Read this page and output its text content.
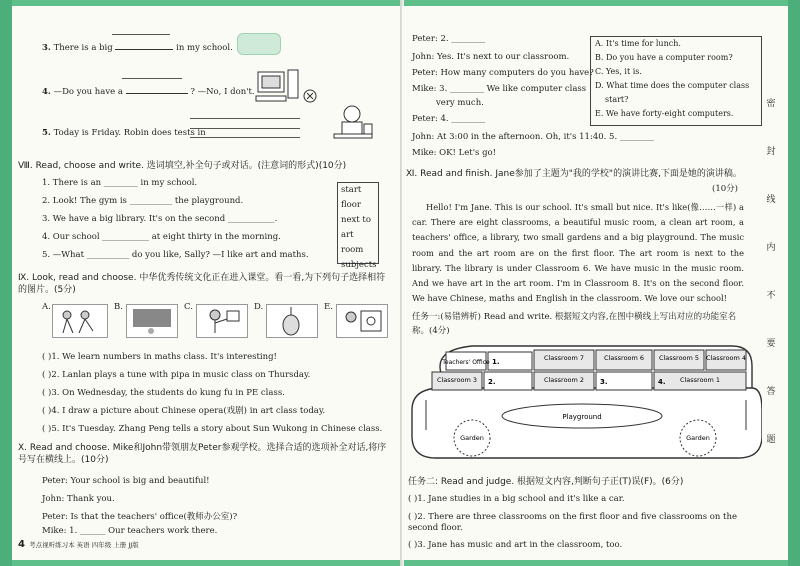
3. There is a big	in my school.
4. —Do you have a	? —No, I don't.
5. Today is Friday. Robin does tests in
Ⅷ. Read, choose and write. 选词填空,补全句子或对话。(注意词的形式)(10分)
1. There is an ________ in my school.
2. Look! The gym is __________ the playground.
3. We have a big library. It's on the second ___________.
4. Our school ___________ at eight thirty in the morning.
5. —What __________ do you like, Sally? —I like art and maths.
start
floor
next to
art room
subjects
Ⅸ. Look, read and choose. 中华优秀传统文化正在进入课堂。看一看,为下列句子选择相符的图片。(5分)
A.	B.	C.	D.	E.
( )1. We learn numbers in maths class. It's interesting!
( )2. Lanlan plays a tune with pipa in music class on Thursday.
( )3. On Wednesday, the students do kung fu in PE class.
( )4. I draw a picture about Chinese opera(戏剧) in art class today.
( )5. It's Tuesday. Zhang Peng tells a story about Sun Wukong in Chinese class.
Ⅹ. Read and choose. Mike和John带领朋友Peter参观学校。选择合适的选项补全对话,将序号写在横线上。(10分)
Peter: Your school is big and beautiful!
John: Thank you.
Peter: Is that the teachers' office(教师办公室)?
Mike: 1. ______ Our teachers work there.
4 考点视听练习本 英语 四年级 上册 JJ版
Peter: 2. ________
John: Yes. It's next to our classroom.
Peter: How many computers do you have?
Mike: 3. ________ We like computer class
very much.
Peter: 4. ________
John: At 3:00 in the afternoon. Oh, it's 11:40. 5. ________
Mike: OK! Let's go!
A. It's time for lunch.
B. Do you have a computer room?
C. Yes, it is.
D. What time does the computer class
start?
E. We have forty-eight computers.
Ⅺ. Read and finish. Jane参加了主题为"我的学校"的演讲比赛,下面是她的演讲稿。
(10分)
Hello! I'm Jane. This is our school. It's small but nice. It's like(像……一样) a car. There are eight classrooms, a beautiful music room, a clean art room, a teachers' office, a library, two small gardens and a big playground. The music room and the art room are on the first floor. The art room is next to the library. The library is under Classroom 6. We have music in the music room. And we have art in the art room. I'm in Classroom 8. It's on the second floor. We have Chinese, maths and English in the classroom. We love our school!
任务一:(易错辨析) Read and write. 根据短文内容,在图中横线上写出对应的功能室名称。(4分)
Teachers' Office
Classroom 7	Classroom 6 Classroom 5 Classroom 4
Classroom 3	Classroom 2	Classroom 1
Playground
Garden	Garden
1.
2.	3.	4.
任务二: Read and judge. 根据短文内容,判断句子正(T)误(F)。(6分)
( )1. Jane studies in a big school and it's like a car.
( )2. There are three classrooms on the first floor and five classrooms on the second floor.
( )3. Jane has music and art in the classroom, too.
密
封
线
内
不
要
答
题
